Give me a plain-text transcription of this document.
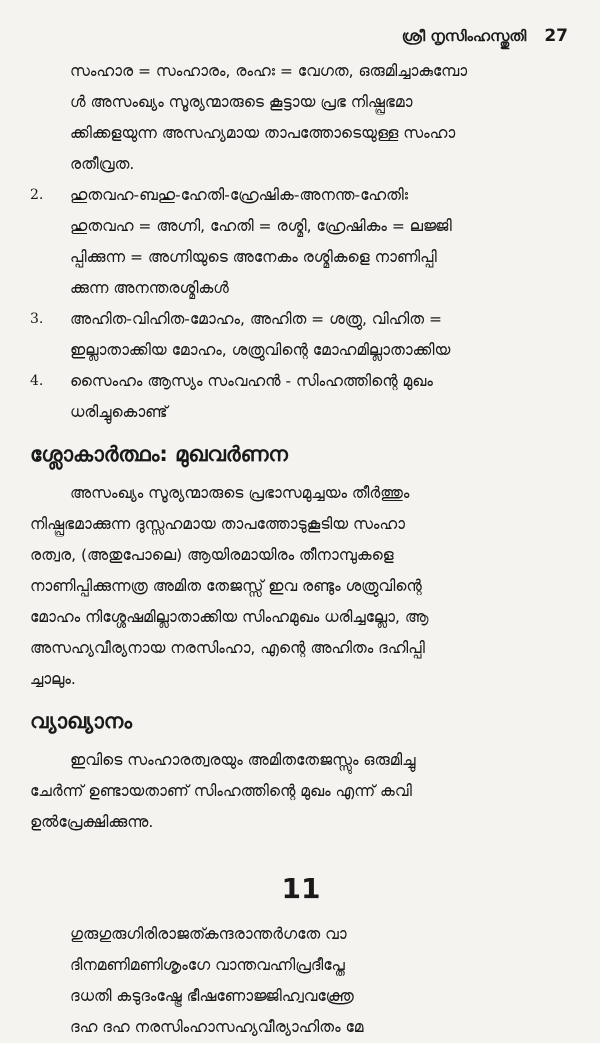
ശ്രീ നൃസിംഹസ്തുതി 27

സംഹാര = സംഹാരം, രംഹഃ = വേഗത, ഒരുമിച്ചാകുമ്പോ

ൾ അസംഖ്യം സൂര്യന്മാരുടെ കൂട്ടായ പ്രഭ നിഷ്പ്രഭമാ

ക്കിക്കളയുന്ന അസഹ്യമായ താപത്തോടെയുള്ള സംഹാ

രതീവ്രത.

2.	ഹുതവഹ-ബഹു-ഹേതി-ഹ്രേഷിക-അനന്ത-ഹേതിഃ
ഹുതവഹ = അഗ്നി, ഹേതി = രശ്മി, ഹ്രേഷികം = ലജ്ജി
പ്പിക്കുന്ന = അഗ്നിയുടെ അനേകം രശ്മികളെ നാണിപ്പി
ക്കുന്ന അനന്തരശ്മികൾ
3.	അഹിത-വിഹിത-മോഹം, അഹിത = ശത്രു, വിഹിത =
ഇല്ലാതാക്കിയ മോഹം, ശത്രുവിന്റെ മോഹമില്ലാതാക്കിയ
4.	സൈംഹം ആസ്യം സംവഹൻ - സിംഹത്തിന്റെ മുഖം
ധരിച്ചുകൊണ്ട്
ശ്ലോകാർത്ഥം: മുഖവർണന
അസംഖ്യം സൂര്യന്മാരുടെ പ്രഭാസമുച്ചയം തീർത്തും
നിഷ്പ്രഭമാക്കുന്ന ദുസ്സഹമായ താപത്തോടുകൂടിയ സംഹാ
രത്വര, (അതുപോലെ) ആയിരമായിരം തീനാമ്പുകളെ
നാണിപ്പിക്കുന്നത്ര അമിത തേജസ്സ് ഇവ രണ്ടും ശത്രുവിന്റെ
മോഹം നിശ്ശേഷമില്ലാതാക്കിയ സിംഹമുഖം ധരിച്ചല്ലോ, ആ
അസഹ്യവീര്യനായ നരസിംഹാ, എന്റെ അഹിതം ദഹിപ്പി
ച്ചാലും.
വ്യാഖ്യാനം
ഇവിടെ സംഹാരത്വരയും അമിതതേജസ്സും ഒരുമിച്ചു
ചേർന്ന് ഉണ്ടായതാണ് സിംഹത്തിന്റെ മുഖം എന്ന് കവി
ഉൽപ്രേക്ഷിക്കുന്നു.
11
ഗുരുഗുരുഗിരിരാജത്കന്ദരാന്തർഗതേ വാ
ദിനമണിമണിശൃംഗേ വാന്തവഹ്നിപ്രദീപ്തേ
ദധതി കടുദംഷ്ട്രേ ഭീഷണോജ്ജിഹ്വവക്ത്രേ
ദഹ ദഹ നരസിംഹാസഹ്യവീര്യാഹിതം മേ
